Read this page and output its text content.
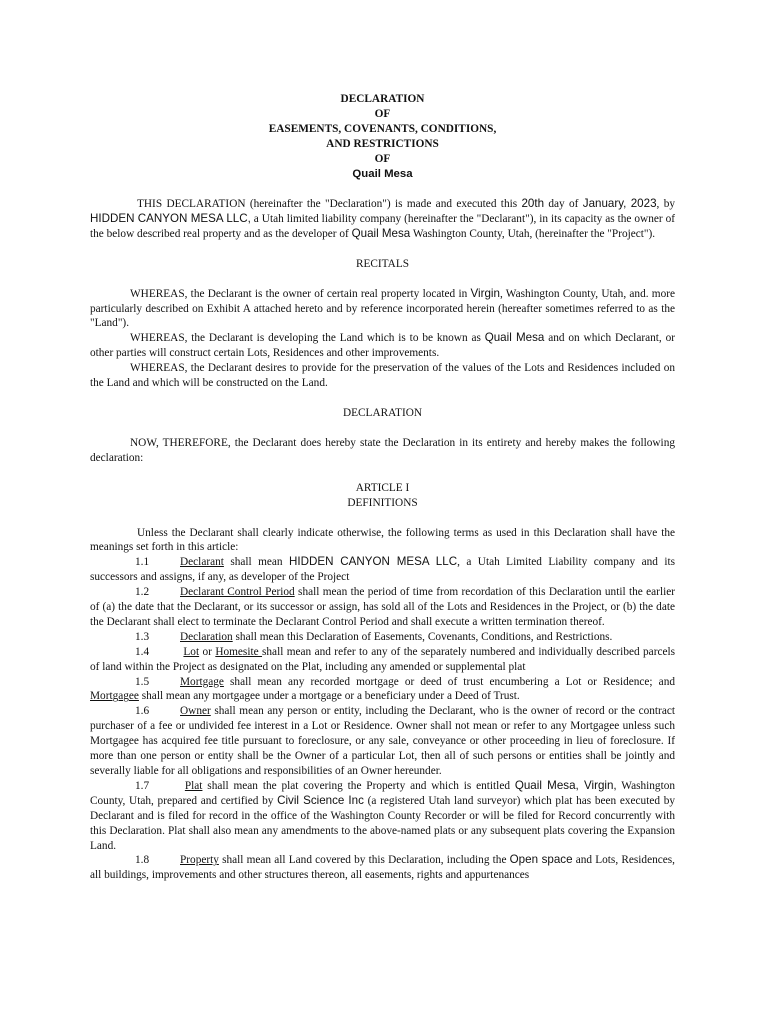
DECLARATION
OF
EASEMENTS, COVENANTS, CONDITIONS,
AND RESTRICTIONS
OF
Quail Mesa

THIS DECLARATION (hereinafter the "Declaration") is made and executed this 20th day of January, 2023, by HIDDEN CANYON MESA LLC, a Utah limited liability company (hereinafter the "Declarant"), in its capacity as the owner of the below described real property and as the developer of Quail Mesa Washington County, Utah, (hereinafter the "Project").

RECITALS

WHEREAS, the Declarant is the owner of certain real property located in Virgin, Washington County, Utah, and. more particularly described on Exhibit A attached hereto and by reference incorporated herein (hereafter sometimes referred to as the "Land").

WHEREAS, the Declarant is developing the Land which is to be known as Quail Mesa and on which Declarant, or other parties will construct certain Lots, Residences and other improvements.

WHEREAS, the Declarant desires to provide for the preservation of the values of the Lots and Residences included on the Land and which will be constructed on the Land.

DECLARATION

NOW, THEREFORE, the Declarant does hereby state the Declaration in its entirety and hereby makes the following declaration:

ARTICLE I
DEFINITIONS

Unless the Declarant shall clearly indicate otherwise, the following terms as used in this Declaration shall have the meanings set forth in this article:

1.1	Declarant shall mean HIDDEN CANYON MESA LLC, a Utah Limited Liability company and its successors and assigns, if any, as developer of the Project

1.2	Declarant Control Period shall mean the period of time from recordation of this Declaration until the earlier of (a) the date that the Declarant, or its successor or assign, has sold all of the Lots and Residences in the Project, or (b) the date the Declarant shall elect to terminate the Declarant Control Period and shall execute a written termination thereof.

1.3	Declaration shall mean this Declaration of Easements, Covenants, Conditions, and Restrictions.

1.4	Lot or Homesite shall mean and refer to any of the separately numbered and individually described parcels of land within the Project as designated on the Plat, including any amended or supplemental plat

1.5	Mortgage shall mean any recorded mortgage or deed of trust encumbering a Lot or Residence; and Mortgagee shall mean any mortgagee under a mortgage or a beneficiary under a Deed of Trust.

1.6	Owner shall mean any person or entity, including the Declarant, who is the owner of record or the contract purchaser of a fee or undivided fee interest in a Lot or Residence. Owner shall not mean or refer to any Mortgagee unless such Mortgagee has acquired fee title pursuant to foreclosure, or any sale, conveyance or other proceeding in lieu of foreclosure. If more than one person or entity shall be the Owner of a particular Lot, then all of such persons or entities shall be jointly and severally liable for all obligations and responsibilities of an Owner hereunder.

1.7	Plat shall mean the plat covering the Property and which is entitled Quail Mesa, Virgin, Washington County, Utah, prepared and certified by Civil Science Inc (a registered Utah land surveyor) which plat has been executed by Declarant and is filed for record in the office of the Washington County Recorder or will be filed for Record concurrently with this Declaration. Plat shall also mean any amendments to the above-named plats or any subsequent plats covering the Expansion Land.

1.8	Property shall mean all Land covered by this Declaration, including the Open space and Lots, Residences, all buildings, improvements and other structures thereon, all easements, rights and appurtenances
